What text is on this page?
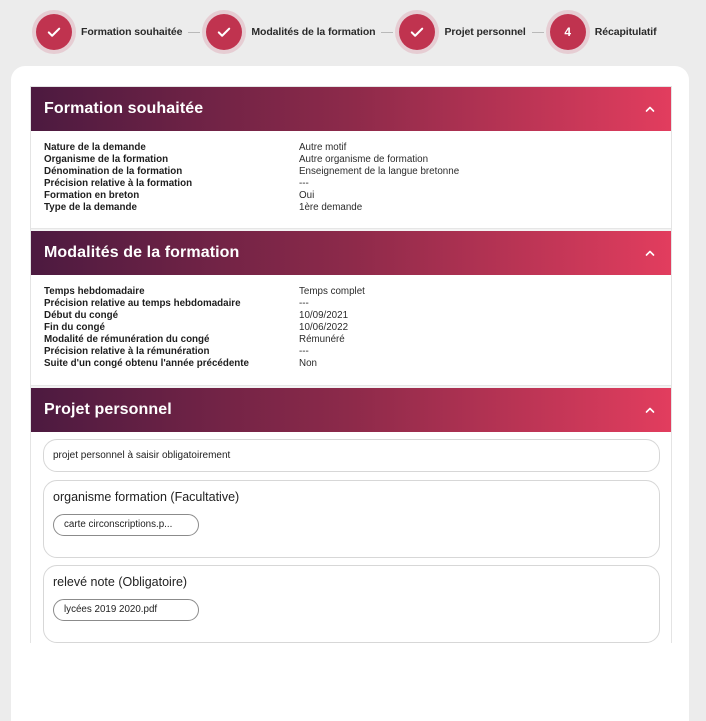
Formation souhaitée	Modalités de la formation	Projet personnel	4	Récapitulatif
Formation souhaitée
Nature de la demande	Autre motif
Organisme de la formation	Autre organisme de formation
Dénomination de la formation	Enseignement de la langue bretonne
Précision relative à la formation	---
Formation en breton	Oui
Type de la demande	1ère demande
Modalités de la formation
Temps hebdomadaire	Temps complet
Précision relative au temps hebdomadaire	---
Début du congé	10/09/2021
Fin du congé	10/06/2022
Modalité de rémunération du congé	Rémunéré
Précision relative à la rémunération	---
Suite d'un congé obtenu l'année précédente	Non
Projet personnel
projet personnel à saisir obligatoirement
organisme formation (Facultative)
carte circonscriptions.p...
relevé note (Obligatoire)
lycées 2019 2020.pdf
